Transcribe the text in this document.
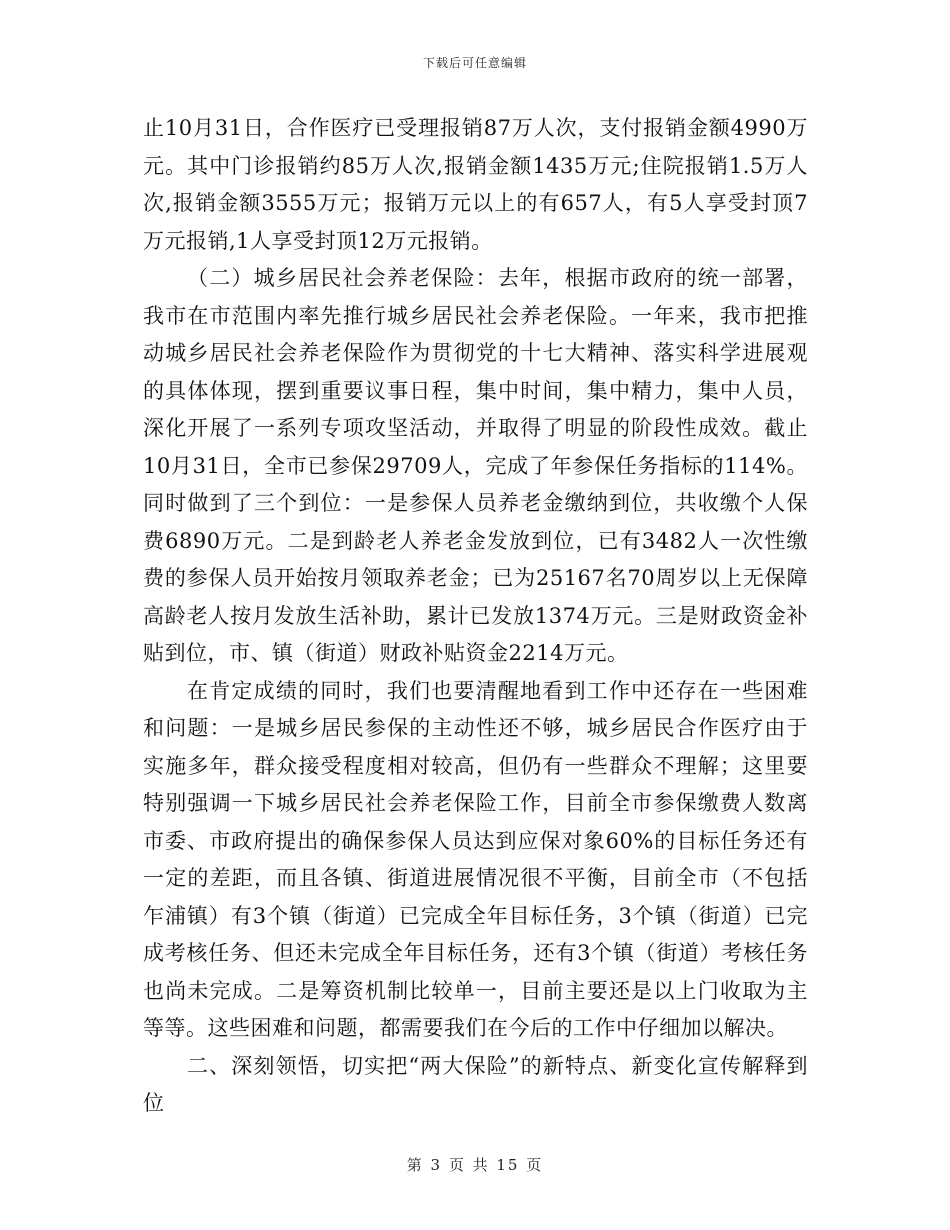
下载后可任意编辑

止10月31日，合作医疗已受理报销87万人次，支付报销金额4990万元。其中门诊报销约85万人次,报销金额1435万元;住院报销1.5万人次,报销金额3555万元；报销万元以上的有657人，有5人享受封顶7万元报销,1人享受封顶12万元报销。

（二）城乡居民社会养老保险：去年，根据市政府的统一部署，我市在市范围内率先推行城乡居民社会养老保险。一年来，我市把推动城乡居民社会养老保险作为贯彻党的十七大精神、落实科学进展观的具体体现，摆到重要议事日程，集中时间，集中精力，集中人员，深化开展了一系列专项攻坚活动，并取得了明显的阶段性成效。截止10月31日，全市已参保29709人，完成了年参保任务指标的114%。同时做到了三个到位：一是参保人员养老金缴纳到位，共收缴个人保费6890万元。二是到龄老人养老金发放到位，已有3482人一次性缴费的参保人员开始按月领取养老金；已为25167名70周岁以上无保障高龄老人按月发放生活补助，累计已发放1374万元。三是财政资金补贴到位，市、镇（街道）财政补贴资金2214万元。

在肯定成绩的同时，我们也要清醒地看到工作中还存在一些困难和问题：一是城乡居民参保的主动性还不够，城乡居民合作医疗由于实施多年，群众接受程度相对较高，但仍有一些群众不理解；这里要特别强调一下城乡居民社会养老保险工作，目前全市参保缴费人数离市委、市政府提出的确保参保人员达到应保对象60%的目标任务还有一定的差距，而且各镇、街道进展情况很不平衡，目前全市（不包括乍浦镇）有3个镇（街道）已完成全年目标任务，3个镇（街道）已完成考核任务、但还未完成全年目标任务，还有3个镇（街道）考核任务也尚未完成。二是筹资机制比较单一，目前主要还是以上门收取为主等等。这些困难和问题，都需要我们在今后的工作中仔细加以解决。

二、深刻领悟，切实把“两大保险”的新特点、新变化宣传解释到位

第 3 页 共 15 页
